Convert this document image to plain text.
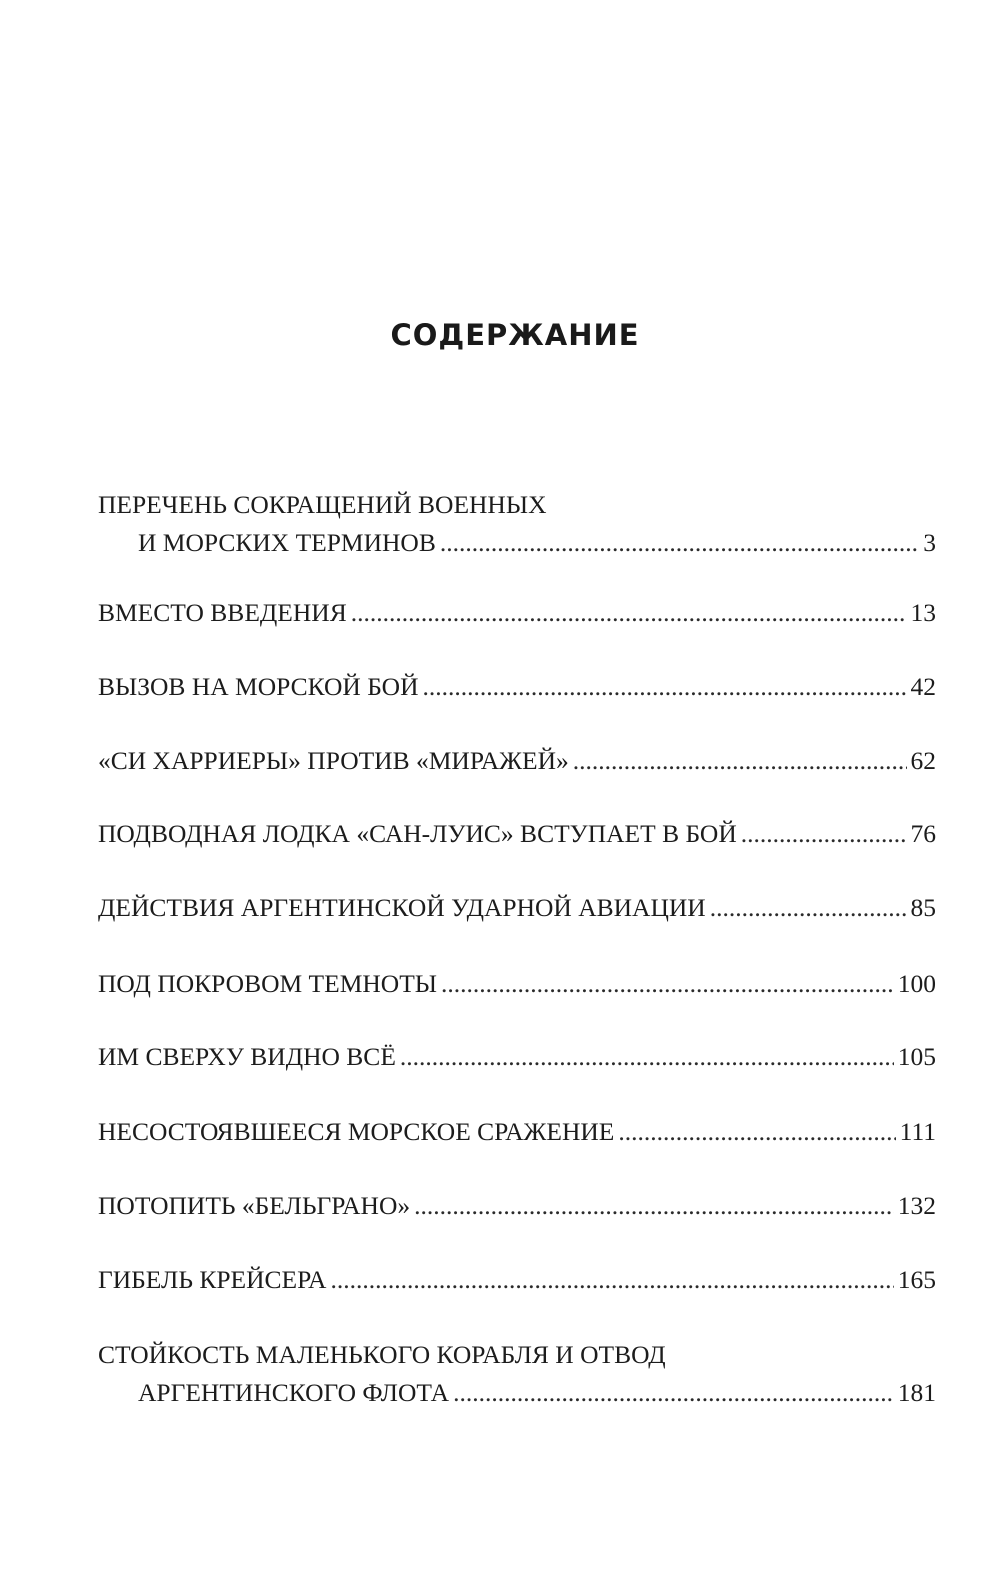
СОДЕРЖАНИЕ
ПЕРЕЧЕНЬ СОКРАЩЕНИЙ ВОЕННЫХ
И МОРСКИХ ТЕРМИНОВ .....	3
ВМЕСТО ВВЕДЕНИЯ .....	13
ВЫЗОВ НА МОРСКОЙ БОЙ .....	42
«СИ ХАРРИЕРЫ» ПРОТИВ «МИРАЖЕЙ» .....	62
ПОДВОДНАЯ ЛОДКА «САН-ЛУИС» ВСТУПАЕТ В БОЙ .....	76
ДЕЙСТВИЯ АРГЕНТИНСКОЙ УДАРНОЙ АВИАЦИИ .....	85
ПОД ПОКРОВОМ ТЕМНОТЫ .....	100
ИМ СВЕРХУ ВИДНО ВСЁ .....	105
НЕСОСТОЯВШЕЕСЯ МОРСКОЕ СРАЖЕНИЕ .....	111
ПОТОПИТЬ «БЕЛЬГРАНО» .....	132
ГИБЕЛЬ КРЕЙСЕРА .....	165
СТОЙКОСТЬ МАЛЕНЬКОГО КОРАБЛЯ И ОТВОД
АРГЕНТИНСКОГО ФЛОТА .....	181
